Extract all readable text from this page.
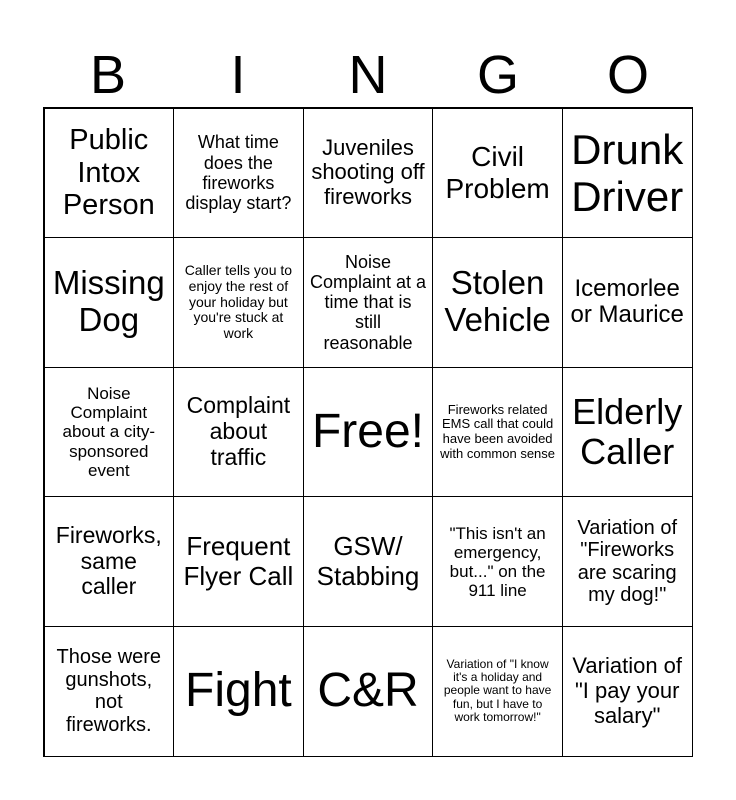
B	I	N	G	O
Public Intox Person
What time does the fireworks display start?
Juveniles shooting off fireworks
Civil Problem
Drunk Driver
Missing Dog
Caller tells you to enjoy the rest of your holiday but you're stuck at work
Noise Complaint at a time that is still reasonable
Stolen Vehicle
Icemorlee or Maurice
Noise Complaint about a city-sponsored event
Complaint about traffic Free!	Fireworks related EMS call that could have been avoided with common sense
Elderly Caller
Fireworks, same caller
Frequent Flyer Call
GSW/ Stabbing
"This isn't an emergency, but..." on the 911 line
Variation of "Fireworks are scaring my dog!"
Those were gunshots, not fireworks.
Fight C&R
Variation of "I know it's a holiday and people want to have fun, but I have to work tomorrow!"
Variation of "I pay your salary"
